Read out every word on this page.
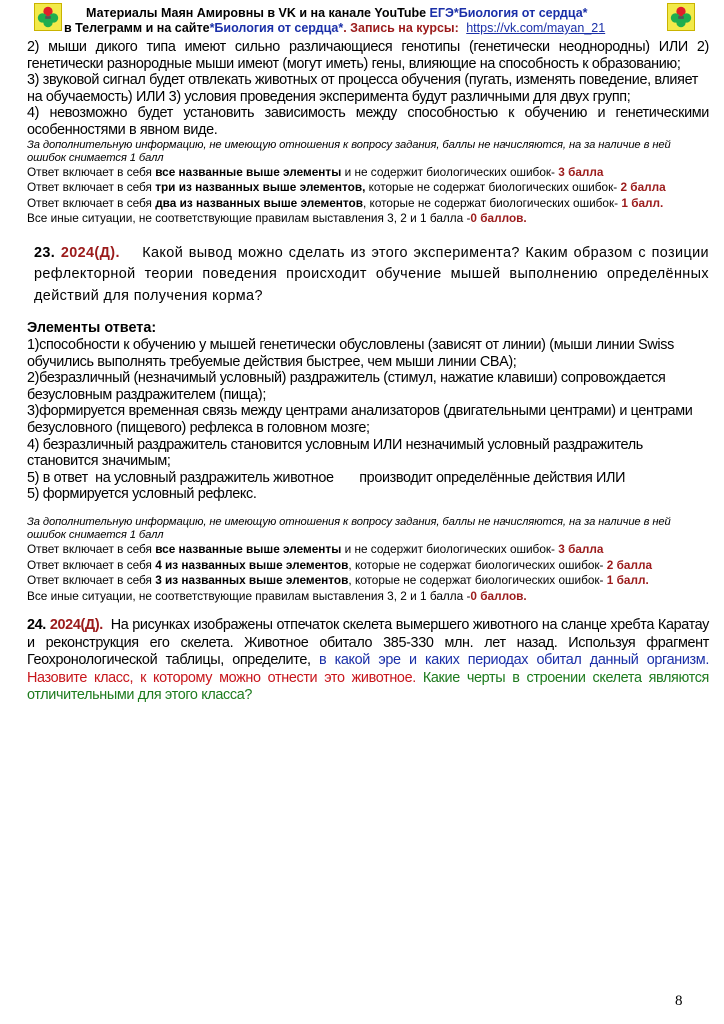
Материалы Маян Амировны в VK и на канале YouTube ЕГЭ*Биология от сердца*
в Телеграмм и на сайте*Биология от сердца*. Запись на курсы: https://vk.com/mayan_21

2) мыши дикого типа имеют сильно различающиеся генотипы (генетически неоднородны) ИЛИ 2) генетически разнородные мыши имеют (могут иметь) гены, влияющие на способность к образованию;

3) звуковой сигнал будет отвлекать животных от процесса обучения (пугать, изменять поведение, влияет на обучаемость) ИЛИ 3) условия проведения эксперимента будут различными для двух групп;

4) невозможно будет установить зависимость между способностью к обучению и генетическими особенностями в явном виде.

За дополнительную информацию, не имеющую отношения к вопросу задания, баллы не начисляются, на за наличие в ней ошибок снимается 1 балл

Ответ включает в себя все названные выше элементы и не содержит биологических ошибок- 3 балла

Ответ включает в себя три из названных выше элементов, которые не содержат биологических ошибок- 2 балла

Ответ включает в себя два из названных выше элементов, которые не содержат биологических ошибок- 1 балл.

Все иные ситуации, не соответствующие правилам выставления 3, 2 и 1 балла -0 баллов.

23. 2024(Д). Какой вывод можно сделать из этого эксперимента? Каким образом с позиции рефлекторной теории поведения происходит обучение мышей выполнению определённых действий для получения корма?

Элементы ответа:

1)способности к обучению у мышей генетически обусловлены (зависят от линии) (мыши линии Swiss обучились выполнять требуемые действия быстрее, чем мыши линии CBA);

2)безразличный (незначимый условный) раздражитель (стимул, нажатие клавиши) сопровождается безусловным раздражителем (пища);

3)формируется временная связь между центрами анализаторов (двигательными центрами) и центрами безусловного (пищевого) рефлекса в головном мозге;

4) безразличный раздражитель становится условным ИЛИ незначимый условный раздражитель становится значимым;

5) в ответ  на условный раздражитель животное       производит определённые действия ИЛИ

5) формируется условный рефлекс.

За дополнительную информацию, не имеющую отношения к вопросу задания, баллы не начисляются, на за наличие в ней ошибок снимается 1 балл

Ответ включает в себя все названные выше элементы и не содержит биологических ошибок- 3 балла

Ответ включает в себя 4 из названных выше элементов, которые не содержат биологических ошибок- 2 балла

Ответ включает в себя 3 из названных выше элементов, которые не содержат биологических ошибок- 1 балл.

Все иные ситуации, не соответствующие правилам выставления 3, 2 и 1 балла -0 баллов.

24. 2024(Д). На рисунках изображены отпечаток скелета вымершего животного на сланце хребта Каратау и реконструкция его скелета. Животное обитало 385-330 млн. лет назад. Используя фрагмент Геохронологической таблицы, определите, в какой эре и каких периодах обитал данный организм. Назовите класс, к которому можно отнести это животное. Какие черты в строении скелета являются отличительными для этого класса?

8
